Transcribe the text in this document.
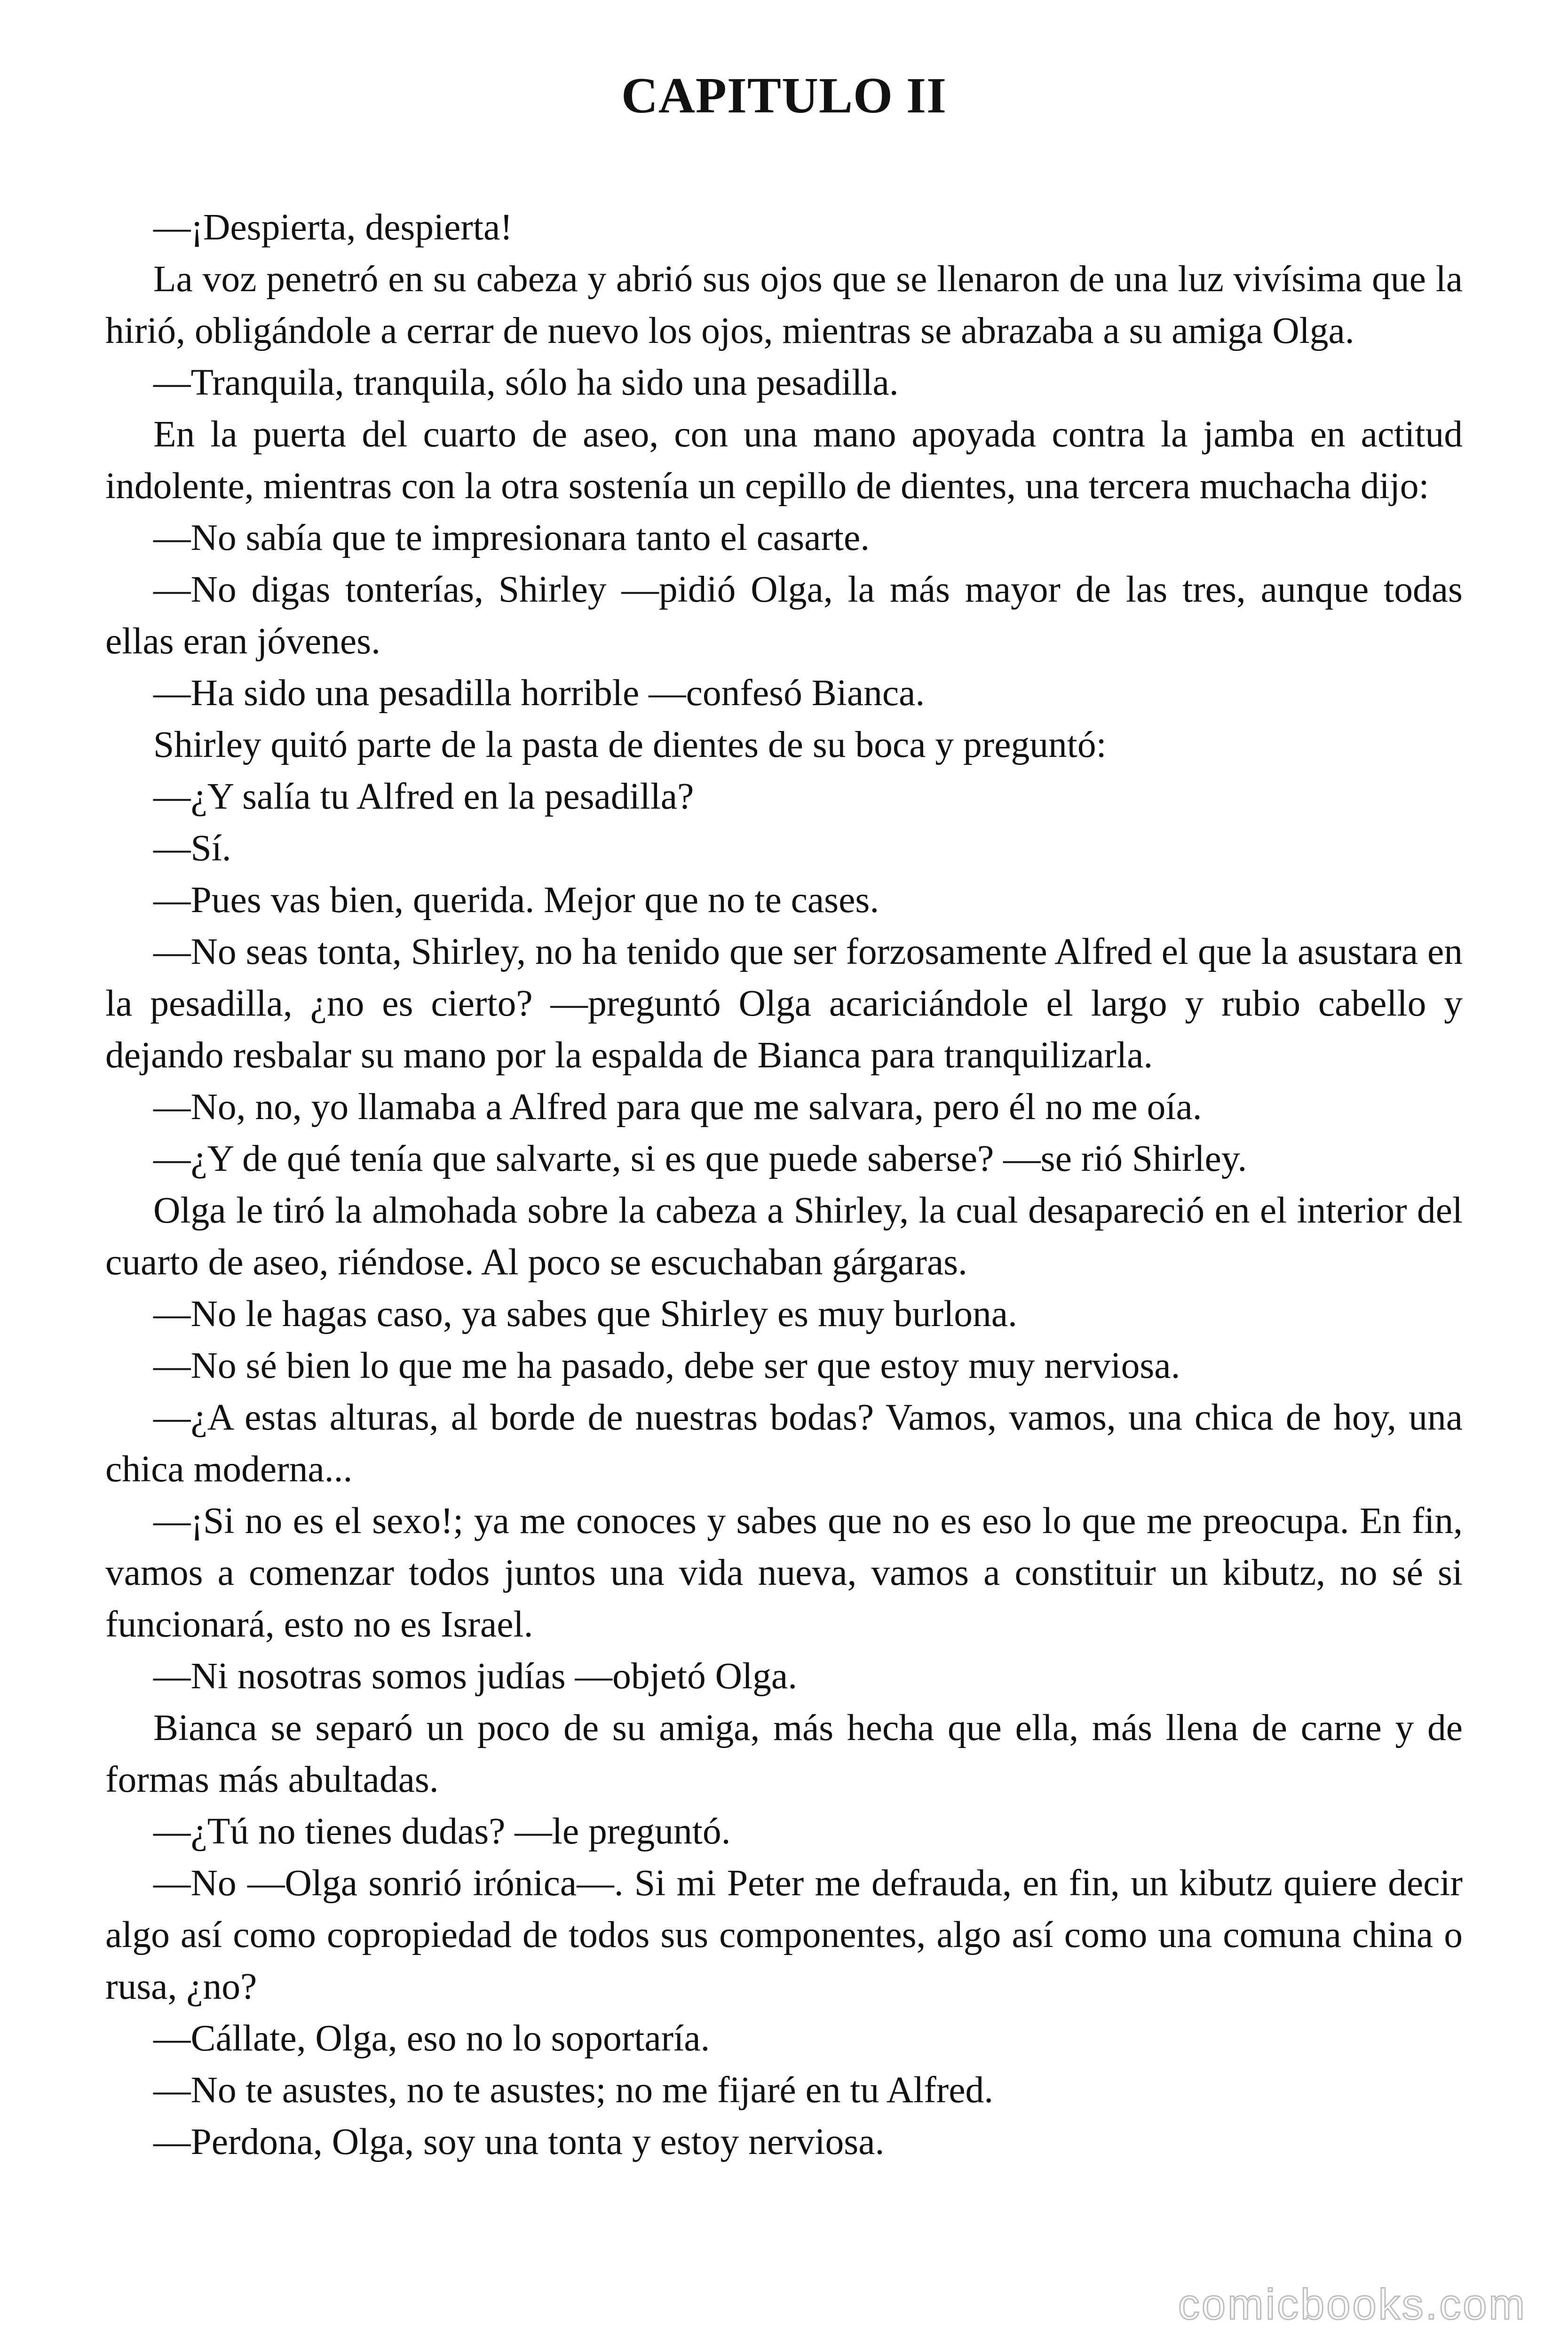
CAPITULO II

—¡Despierta, despierta!

La voz penetró en su cabeza y abrió sus ojos que se llenaron de una luz vivísima que la hirió, obligándole a cerrar de nuevo los ojos, mientras se abrazaba a su amiga Olga.

—Tranquila, tranquila, sólo ha sido una pesadilla.

En la puerta del cuarto de aseo, con una mano apoyada contra la jamba en actitud indolente, mientras con la otra sostenía un cepillo de dientes, una tercera muchacha dijo:

—No sabía que te impresionara tanto el casarte.

—No digas tonterías, Shirley —pidió Olga, la más mayor de las tres, aunque todas ellas eran jóvenes.

—Ha sido una pesadilla horrible —confesó Bianca.

Shirley quitó parte de la pasta de dientes de su boca y preguntó:

—¿Y salía tu Alfred en la pesadilla?

—Sí.

—Pues vas bien, querida. Mejor que no te cases.

—No seas tonta, Shirley, no ha tenido que ser forzosamente Alfred el que la asustara en la pesadilla, ¿no es cierto? —preguntó Olga acariciándole el largo y rubio cabello y dejando resbalar su mano por la espalda de Bianca para tranquilizarla.

—No, no, yo llamaba a Alfred para que me salvara, pero él no me oía.

—¿Y de qué tenía que salvarte, si es que puede saberse? —se rió Shirley.

Olga le tiró la almohada sobre la cabeza a Shirley, la cual desapareció en el interior del cuarto de aseo, riéndose. Al poco se escuchaban gárgaras.

—No le hagas caso, ya sabes que Shirley es muy burlona.

—No sé bien lo que me ha pasado, debe ser que estoy muy nerviosa.

—¿A estas alturas, al borde de nuestras bodas? Vamos, vamos, una chica de hoy, una chica moderna...

—¡Si no es el sexo!; ya me conoces y sabes que no es eso lo que me preocupa. En fin, vamos a comenzar todos juntos una vida nueva, vamos a constituir un kibutz, no sé si funcionará, esto no es Israel.

—Ni nosotras somos judías —objetó Olga.

Bianca se separó un poco de su amiga, más hecha que ella, más llena de carne y de formas más abultadas.

—¿Tú no tienes dudas? —le preguntó.

—No —Olga sonrió irónica—. Si mi Peter me defrauda, en fin, un kibutz quiere decir algo así como copropiedad de todos sus componentes, algo así como una comuna china o rusa, ¿no?

—Cállate, Olga, eso no lo soportaría.

—No te asustes, no te asustes; no me fijaré en tu Alfred.

—Perdona, Olga, soy una tonta y estoy nerviosa.

comicbooks.com
